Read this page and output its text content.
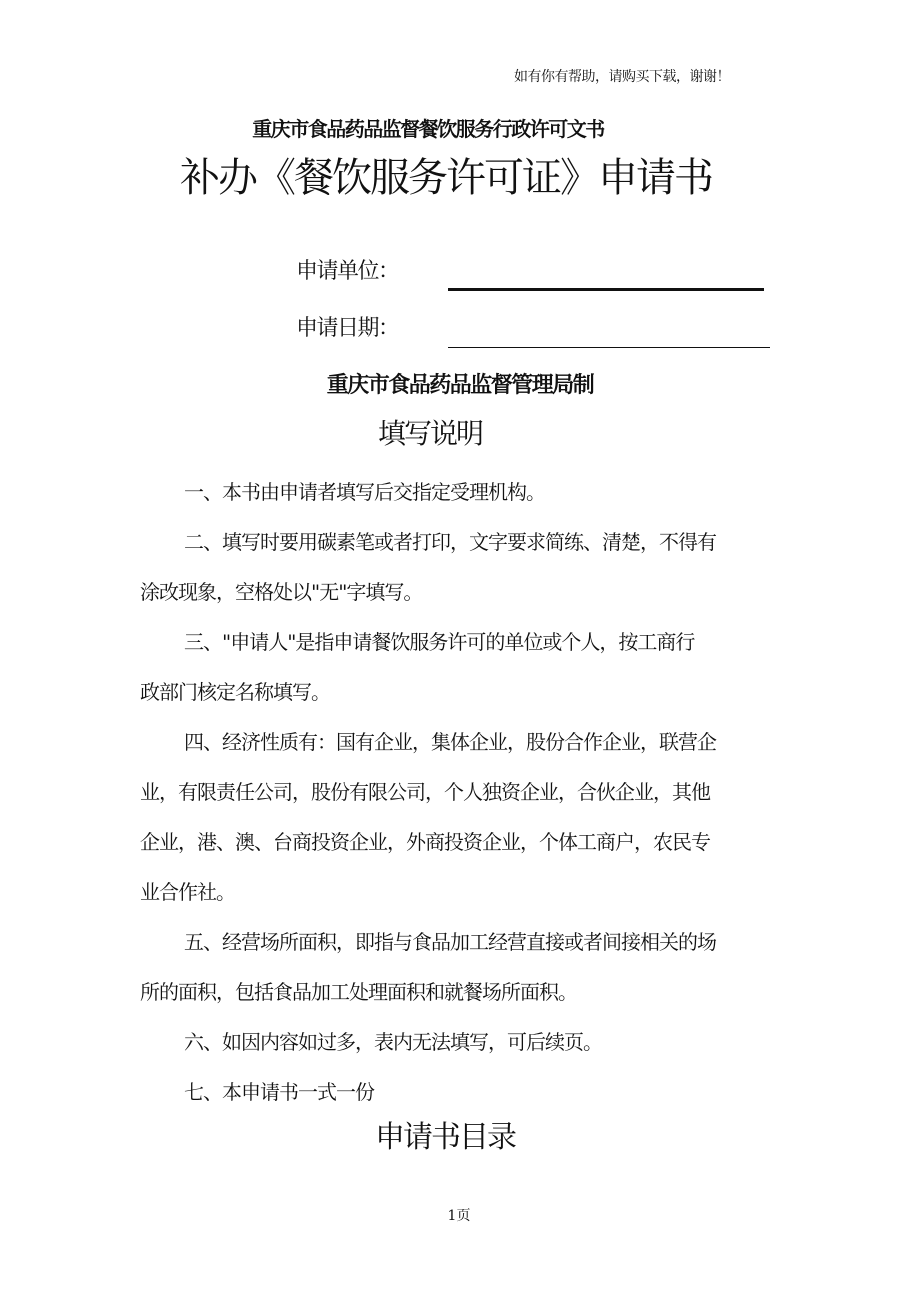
如有你有帮助，请购买下载，谢谢！
重庆市食品药品监督餐饮服务行政许可文书
补办《餐饮服务许可证》申请书
申请单位：
申请日期：
重庆市食品药品监督管理局制
填写说明
一、本书由申请者填写后交指定受理机构。
二、填写时要用碳素笔或者打印，文字要求简练、清楚，不得有
涂改现象，空格处以"无"字填写。
三、"申请人"是指申请餐饮服务许可的单位或个人，按工商行
政部门核定名称填写。
四、经济性质有：国有企业，集体企业，股份合作企业，联营企
业，有限责任公司，股份有限公司，个人独资企业，合伙企业，其他
企业，港、澳、台商投资企业，外商投资企业，个体工商户，农民专
业合作社。
五、经营场所面积，即指与食品加工经营直接或者间接相关的场
所的面积，包括食品加工处理面积和就餐场所面积。
六、如因内容如过多，表内无法填写，可后续页。
七、本申请书一式一份
申请书目录
1页
